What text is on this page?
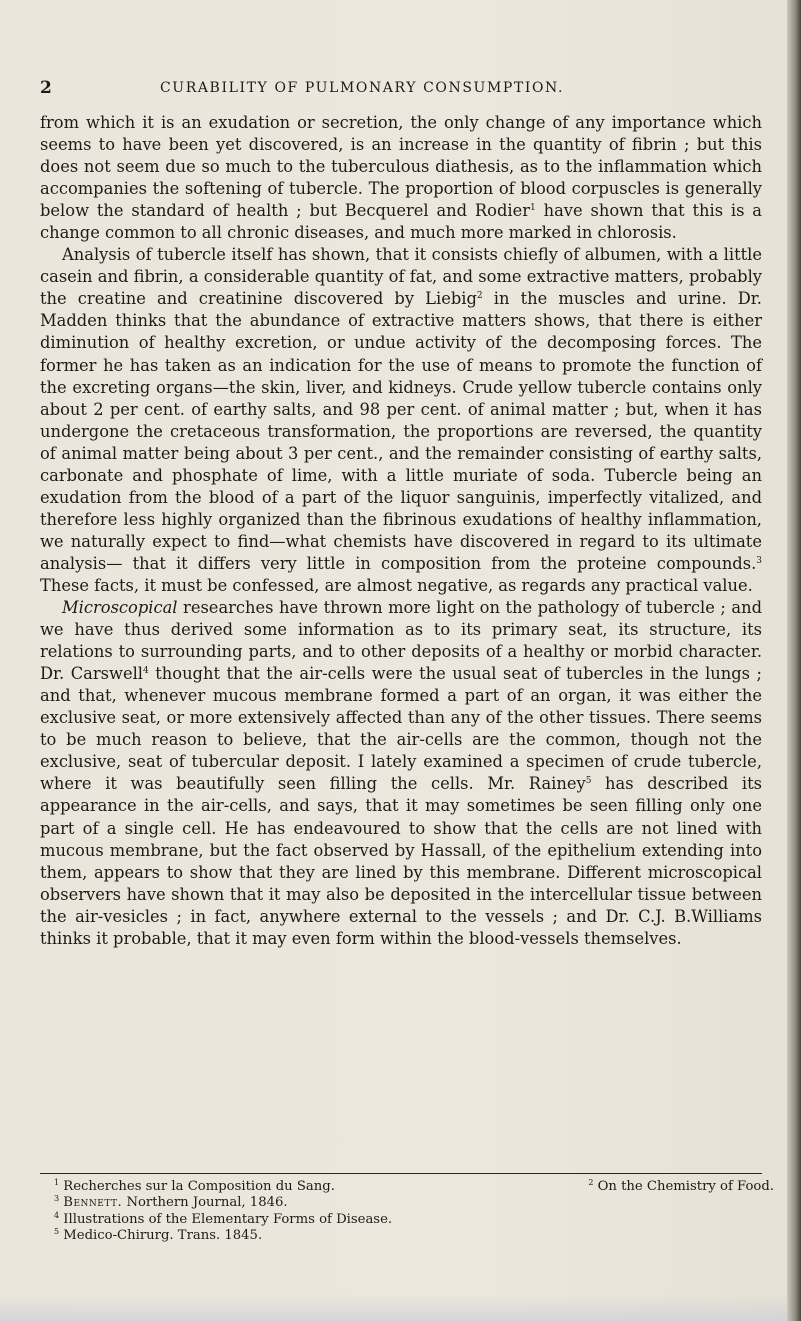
2	CURABILITY OF PULMONARY CONSUMPTION.

from which it is an exudation or secretion, the only change of any importance which seems to have been yet discovered, is an increase in the quantity of fibrin ; but this does not seem due so much to the tuberculous diathesis, as to the inflammation which accompanies the softening of tubercle. The proportion of blood corpuscles is generally below the standard of health ; but Becquerel and Rodier$^1$ have shown that this is a change common to all chronic diseases, and much more marked in chlorosis.

Analysis of tubercle itself has shown, that it consists chiefly of albumen, with a little casein and fibrin, a considerable quantity of fat, and some extractive matters, probably the creatine and creatinine discovered by Liebig$^2$ in the muscles and urine. Dr. Madden thinks that the abundance of extractive matters shows, that there is either diminution of healthy excretion, or undue activity of the decomposing forces. The former he has taken as an indication for the use of means to promote the function of the excreting organs—the skin, liver, and kidneys. Crude yellow tubercle contains only about 2 per cent. of earthy salts, and 98 per cent. of animal matter ; but, when it has undergone the cretaceous transformation, the proportions are reversed, the quantity of animal matter being about 3 per cent., and the remainder consisting of earthy salts, carbonate and phosphate of lime, with a little muriate of soda. Tubercle being an exudation from the blood of a part of the liquor sanguinis, imperfectly vitalized, and therefore less highly organized than the fibrinous exudations of healthy inflammation, we naturally expect to find—what chemists have discovered in regard to its ultimate analysis— that it differs very little in composition from the proteine compounds.$^3$ These facts, it must be confessed, are almost negative, as regards any practical value.

Microscopical researches have thrown more light on the pathology of tubercle ; and we have thus derived some information as to its primary seat, its structure, its relations to surrounding parts, and to other deposits of a healthy or morbid character. Dr. Carswell$^4$ thought that the air-cells were the usual seat of tubercles in the lungs ; and that, whenever mucous membrane formed a part of an organ, it was either the exclusive seat, or more extensively affected than any of the other tissues. There seems to be much reason to believe, that the air-cells are the common, though not the exclusive, seat of tubercular deposit. I lately examined a specimen of crude tubercle, where it was beautifully seen filling the cells. Mr. Rainey$^5$ has described its appearance in the air-cells, and says, that it may sometimes be seen filling only one part of a single cell. He has endeavoured to show that the cells are not lined with mucous membrane, but the fact observed by Hassall, of the epithelium extending into them, appears to show that they are lined by this membrane. Different microscopical observers have shown that it may also be deposited in the intercellular tissue between the air-vesicles ; in fact, anywhere external to the vessels ; and Dr. C.J. B.Williams thinks it probable, that it may even form within the blood-vessels themselves.

$^1$ Recherches sur la Composition du Sang.	$^2$ On the Chemistry of Food.
$^3$ Bennett. Northern Journal, 1846.
$^4$ Illustrations of the Elementary Forms of Disease.
$^5$ Medico-Chirurg. Trans. 1845.
